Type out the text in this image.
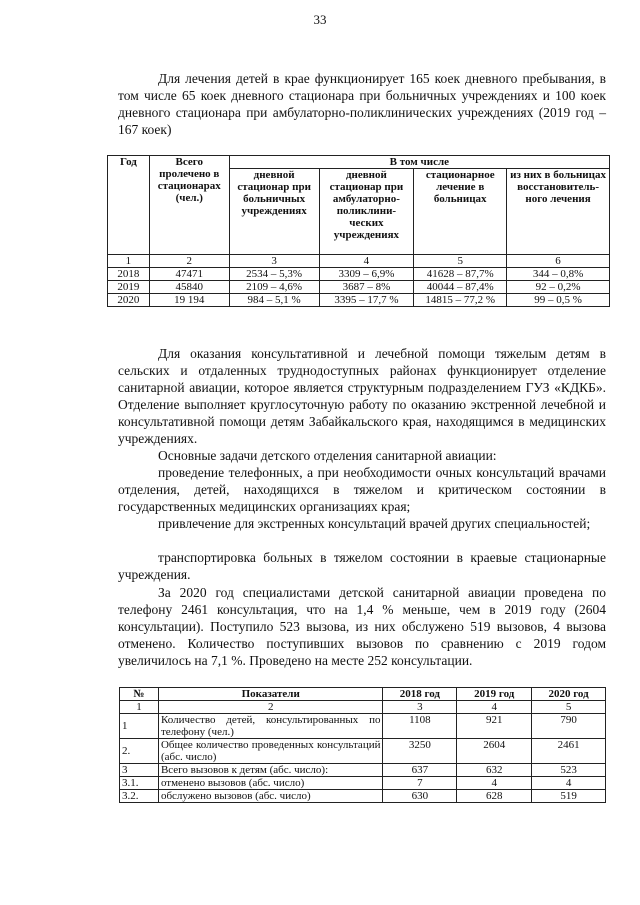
33

Для лечения детей в крае функционирует 165 коек дневного пребывания, в том числе 65 коек дневного стационара при больничных учреждениях и 100 коек дневного стационара при амбулаторно-поликлинических учреждениях (2019 год – 167 коек)

Год	Всего пролечено в стационарах (чел.)	В том числе			
		дневной стационар при больничных учреждениях	дневной стационар при амбулаторно-поликлини-ческих учреждениях	стационарное лечение в больницах	из них в больницах восстановитель-ного лечения
1	2	3	4	5	6
2018	47471	2534 – 5,3%	3309 – 6,9%	41628 – 87,7%	344 – 0,8%
2019	45840	2109 – 4,6%	3687 – 8%	40044 – 87,4%	92 – 0,2%
2020	19 194	984 – 5,1 %	3395 – 17,7 %	14815 – 77,2 %	99 – 0,5 %

Для оказания консультативной и лечебной помощи тяжелым детям в сельских и отдаленных труднодоступных районах функционирует отделение санитарной авиации, которое является структурным подразделением ГУЗ «КДКБ». Отделение выполняет круглосуточную работу по оказанию экстренной лечебной и консультативной помощи детям Забайкальского края, находящимся в медицинских учреждениях.

Основные задачи детского отделения санитарной авиации:

проведение телефонных, а при необходимости очных консультаций врачами отделения, детей, находящихся в тяжелом и критическом состоянии в государственных медицинских организациях края;

привлечение для экстренных консультаций врачей других специальностей;

транспортировка больных в тяжелом состоянии в краевые стационарные учреждения.

За 2020 год специалистами детской санитарной авиации проведена по телефону 2461 консультация, что на 1,4 % меньше, чем в 2019 году (2604 консультации). Поступило 523 вызова, из них обслужено 519 вызовов, 4 вызова отменено. Количество поступивших вызовов по сравнению с 2019 годом увеличилось на 7,1 %. Проведено на месте 252 консультации.

№	Показатели	2018 год	2019 год	2020 год
1	2	3	4	5
1	Количество детей, консультированных по телефону (чел.)	1108	921	790
2.	Общее количество проведенных консультаций (абс. число)	3250	2604	2461
3	Всего вызовов к детям (абс. число):	637	632	523
3.1.	отменено вызовов (абс. число)	7	4	4
3.2.	обслужено вызовов (абс. число)	630	628	519
